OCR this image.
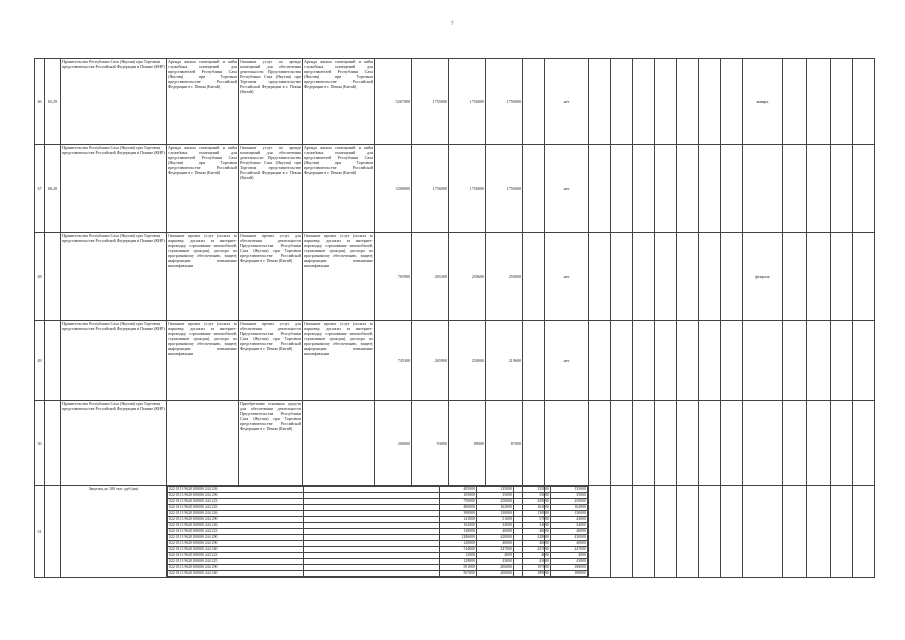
7
46	65,29	Правительство Республики Саха (Якутия) при Торговом представительстве Российской Федерации в Пекине (КНР)	Аренда жилых помещений и найм служебных помещений для представителей Республики Саха (Якутия) при Торговом представительстве Российской Федерации в г. Пекин (Китай)	Оказание услуг по аренде помещений для обеспечения деятельности Представительства Республики Саха (Якутия) при Торговом представительстве Российской Федерации в г. Пекин (Китай)	Аренда жилых помещений и найм служебных помещений для представителей Республики Саха (Якутия) при Торговом представительстве Российской Федерации в г. Пекин (Китай)	5267000	1755000	1756000	1756000		нет								январь				
47	68,20	Правительство Республики Саха (Якутия) при Торговом представительстве Российской Федерации в Пекине (КНР)	Аренда жилых помещений и найм служебных помещений для представителей Республики Саха (Якутия) при Торговом представительстве Российской Федерации в г. Пекин (Китай)	Оказание услуг по аренде помещений для обеспечения деятельности Представительства Республики Саха (Якутия) при Торговом представительстве Российской Федерации в г. Пекин (Китай)	Аренда жилых помещений и найм служебных помещений для представителей Республики Саха (Якутия) при Торговом представительстве Российской Федерации в г. Пекин (Китай)	5268000	1756000	1756000	1756000		нет												
48		Правительство Республики Саха (Якутия) при Торговом представительстве Российской Федерации в Пекине (КНР)	Оказание прочих услуг (оплата за парковку, доплаты за интернет-переводку, страхование автомобилей, страхование граждан), расходы по программному обеспечению, защиту информации, повышение квалификации	Оказание прочих услуг для обеспечения деятельности Представительства Республики Саха (Якутия) при Торговом представительстве Российской Федерации в г. Пекин (Китай)	Оказание прочих услуг (оплата за парковку, доплаты за интернет-переводку, страхование автомобилей, страхование граждан), расходы по программному обеспечению, защиту информации, повышение квалификации	765900	265300	250600	250000		нет								февраль				
49		Правительство Республики Саха (Якутия) при Торговом представительстве Российской Федерации в Пекине (КНР)	Оказание прочих услуг (оплата за парковку, доплаты за интернет-переводку, страхование автомобилей, страхование граждан), расходы по программному обеспечению, защиту информации, повышение квалификации	Оказание прочих услуг для обеспечения деятельности Представительства Республики Саха (Якутия) при Торговом представительстве Российской Федерации в г. Пекин (Китай)	Оказание прочих услуг (оплата за парковку, доплаты за интернет-переводку, страхование автомобилей, страхование граждан), расходы по программному обеспечению, защиту информации, повышение квалификации	745300	265900	250000	219600		нет												
50		Правительство Республики Саха (Якутия) при Торговом представительстве Российской Федерации в Пекине (КНР)		Приобретение основных средств для обеспечения деятельности Представительства Республики Саха (Якутия) при Торговом представительстве Российской Федерации в г. Пекин (Китай)		268000	93000	88000	87000														
51		Закупки до 100 тыс. руб.(ия)		022 0113 9620100000 244 226		405000	135000	135000	135000
022 0113 9620100000 244 296		105000	35000	35000	35000
022 0113 9620100000 244 223		750000	250000	250000	250000
022 0113 9620100000 244 225		486000	162000	162000	162000
022 0113 9620100000 244 226		390000	130000	130000	130000
022 0113 9620100000 244 290		141000	51000	57000	43000
022 0113 9620100000 244 226		102000	34000	34000	34000
022 0113 9620100000 244 223		138000	46000	46000	46000
022 0113 9620100000 244 290		1286000	428000	428000	430000
022 0113 9620100000 244 290		120000	40000	40000	40000
022 0113 9620100000 244 340		744000	247000	247000	247000
022 0113 9620100000 244 223		12000	4000	4000	4000
022 0113 9620100000 244 225		129000	43000	43000	43000
022 0113 9620100000 244 290		591000	206000	197000	188000
022 0113 9620100000 244 340		567000	200000	189000	188000
